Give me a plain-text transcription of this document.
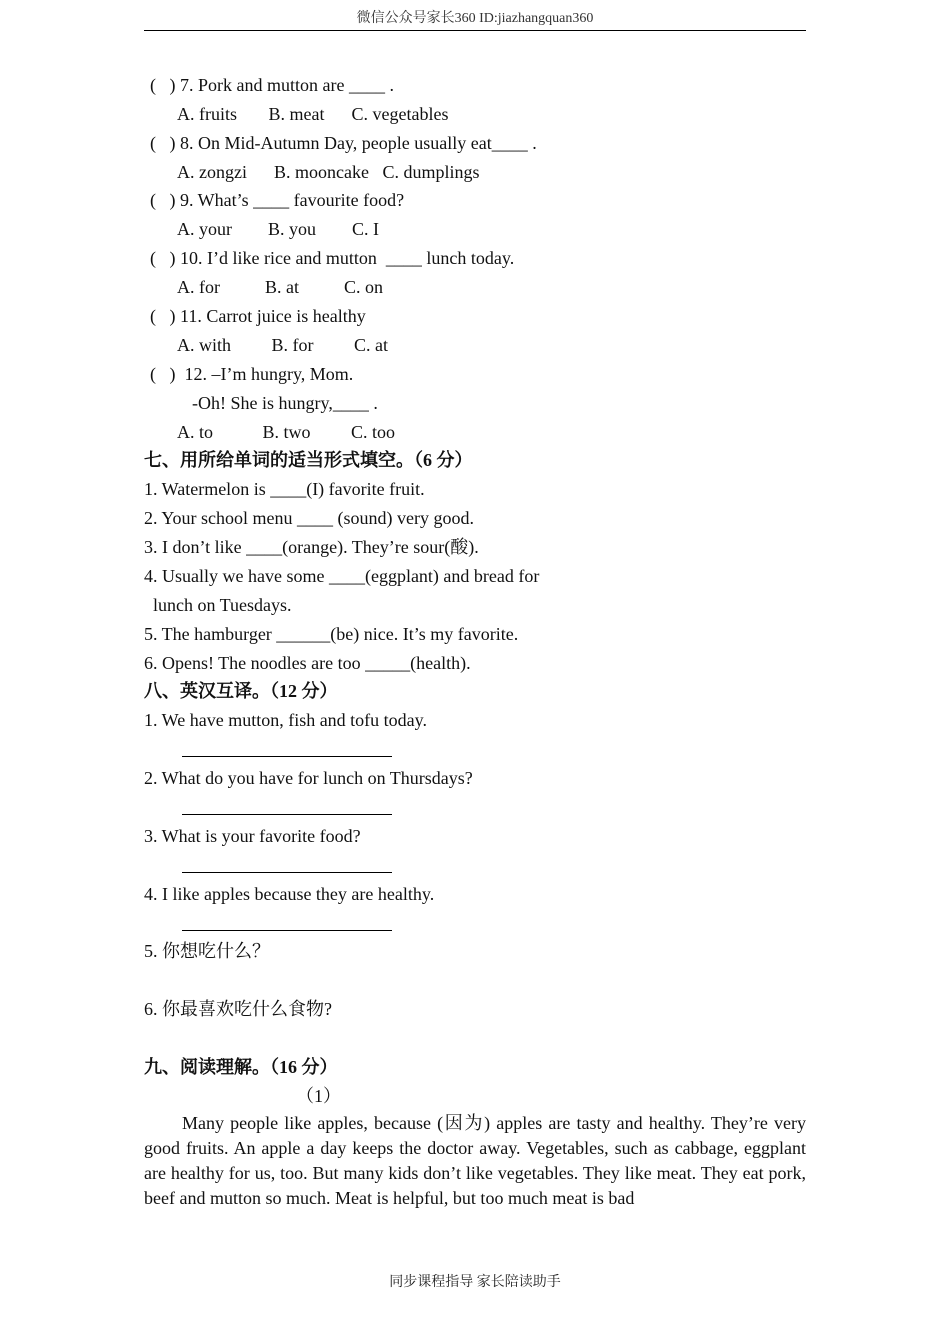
微信公众号家长360 ID:jiazhangquan360
(   ) 7. Pork and mutton are ____ .
A. fruits       B. meat      C. vegetables
(   ) 8. On Mid-Autumn Day, people usually eat____ .
A. zongzi      B. mooncake   C. dumplings
(   ) 9. What’s ____ favourite food?
A. your        B. you        C. I
(   ) 10. I’d like rice and mutton  ____ lunch today.
A. for          B. at          C. on
(   ) 11. Carrot juice is healthy
A. with         B. for         C. at
(   )  12. –I’m hungry, Mom.
-Oh! She is hungry,____ .
A. to           B. two         C. too
七、用所给单词的适当形式填空。（6 分）
1. Watermelon is ____(I) favorite fruit.
2. Your school menu ____ (sound) very good.
3. I don’t like ____(orange). They’re sour(酸).
4. Usually we have some ____(eggplant) and bread for
lunch on Tuesdays.
5. The hamburger ______(be) nice. It’s my favorite.
6. Opens! The noodles are too _____(health).
八、英汉互译。（12 分）
1. We have mutton, fish and tofu today.
2. What do you have for lunch on Thursdays?
3. What is your favorite food?
4. I like apples because they are healthy.
5. 你想吃什么？
6. 你最喜欢吃什么食物?
九、阅读理解。（16 分）
（1）
Many people like apples, because (因为) apples are tasty and healthy. They’re very good fruits. An apple a day keeps the doctor away. Vegetables, such as cabbage, eggplant are healthy for us, too. But many kids don’t like vegetables. They like meat. They eat pork, beef and mutton so much. Meat is helpful, but too much meat is bad
同步课程指导 家长陪读助手
